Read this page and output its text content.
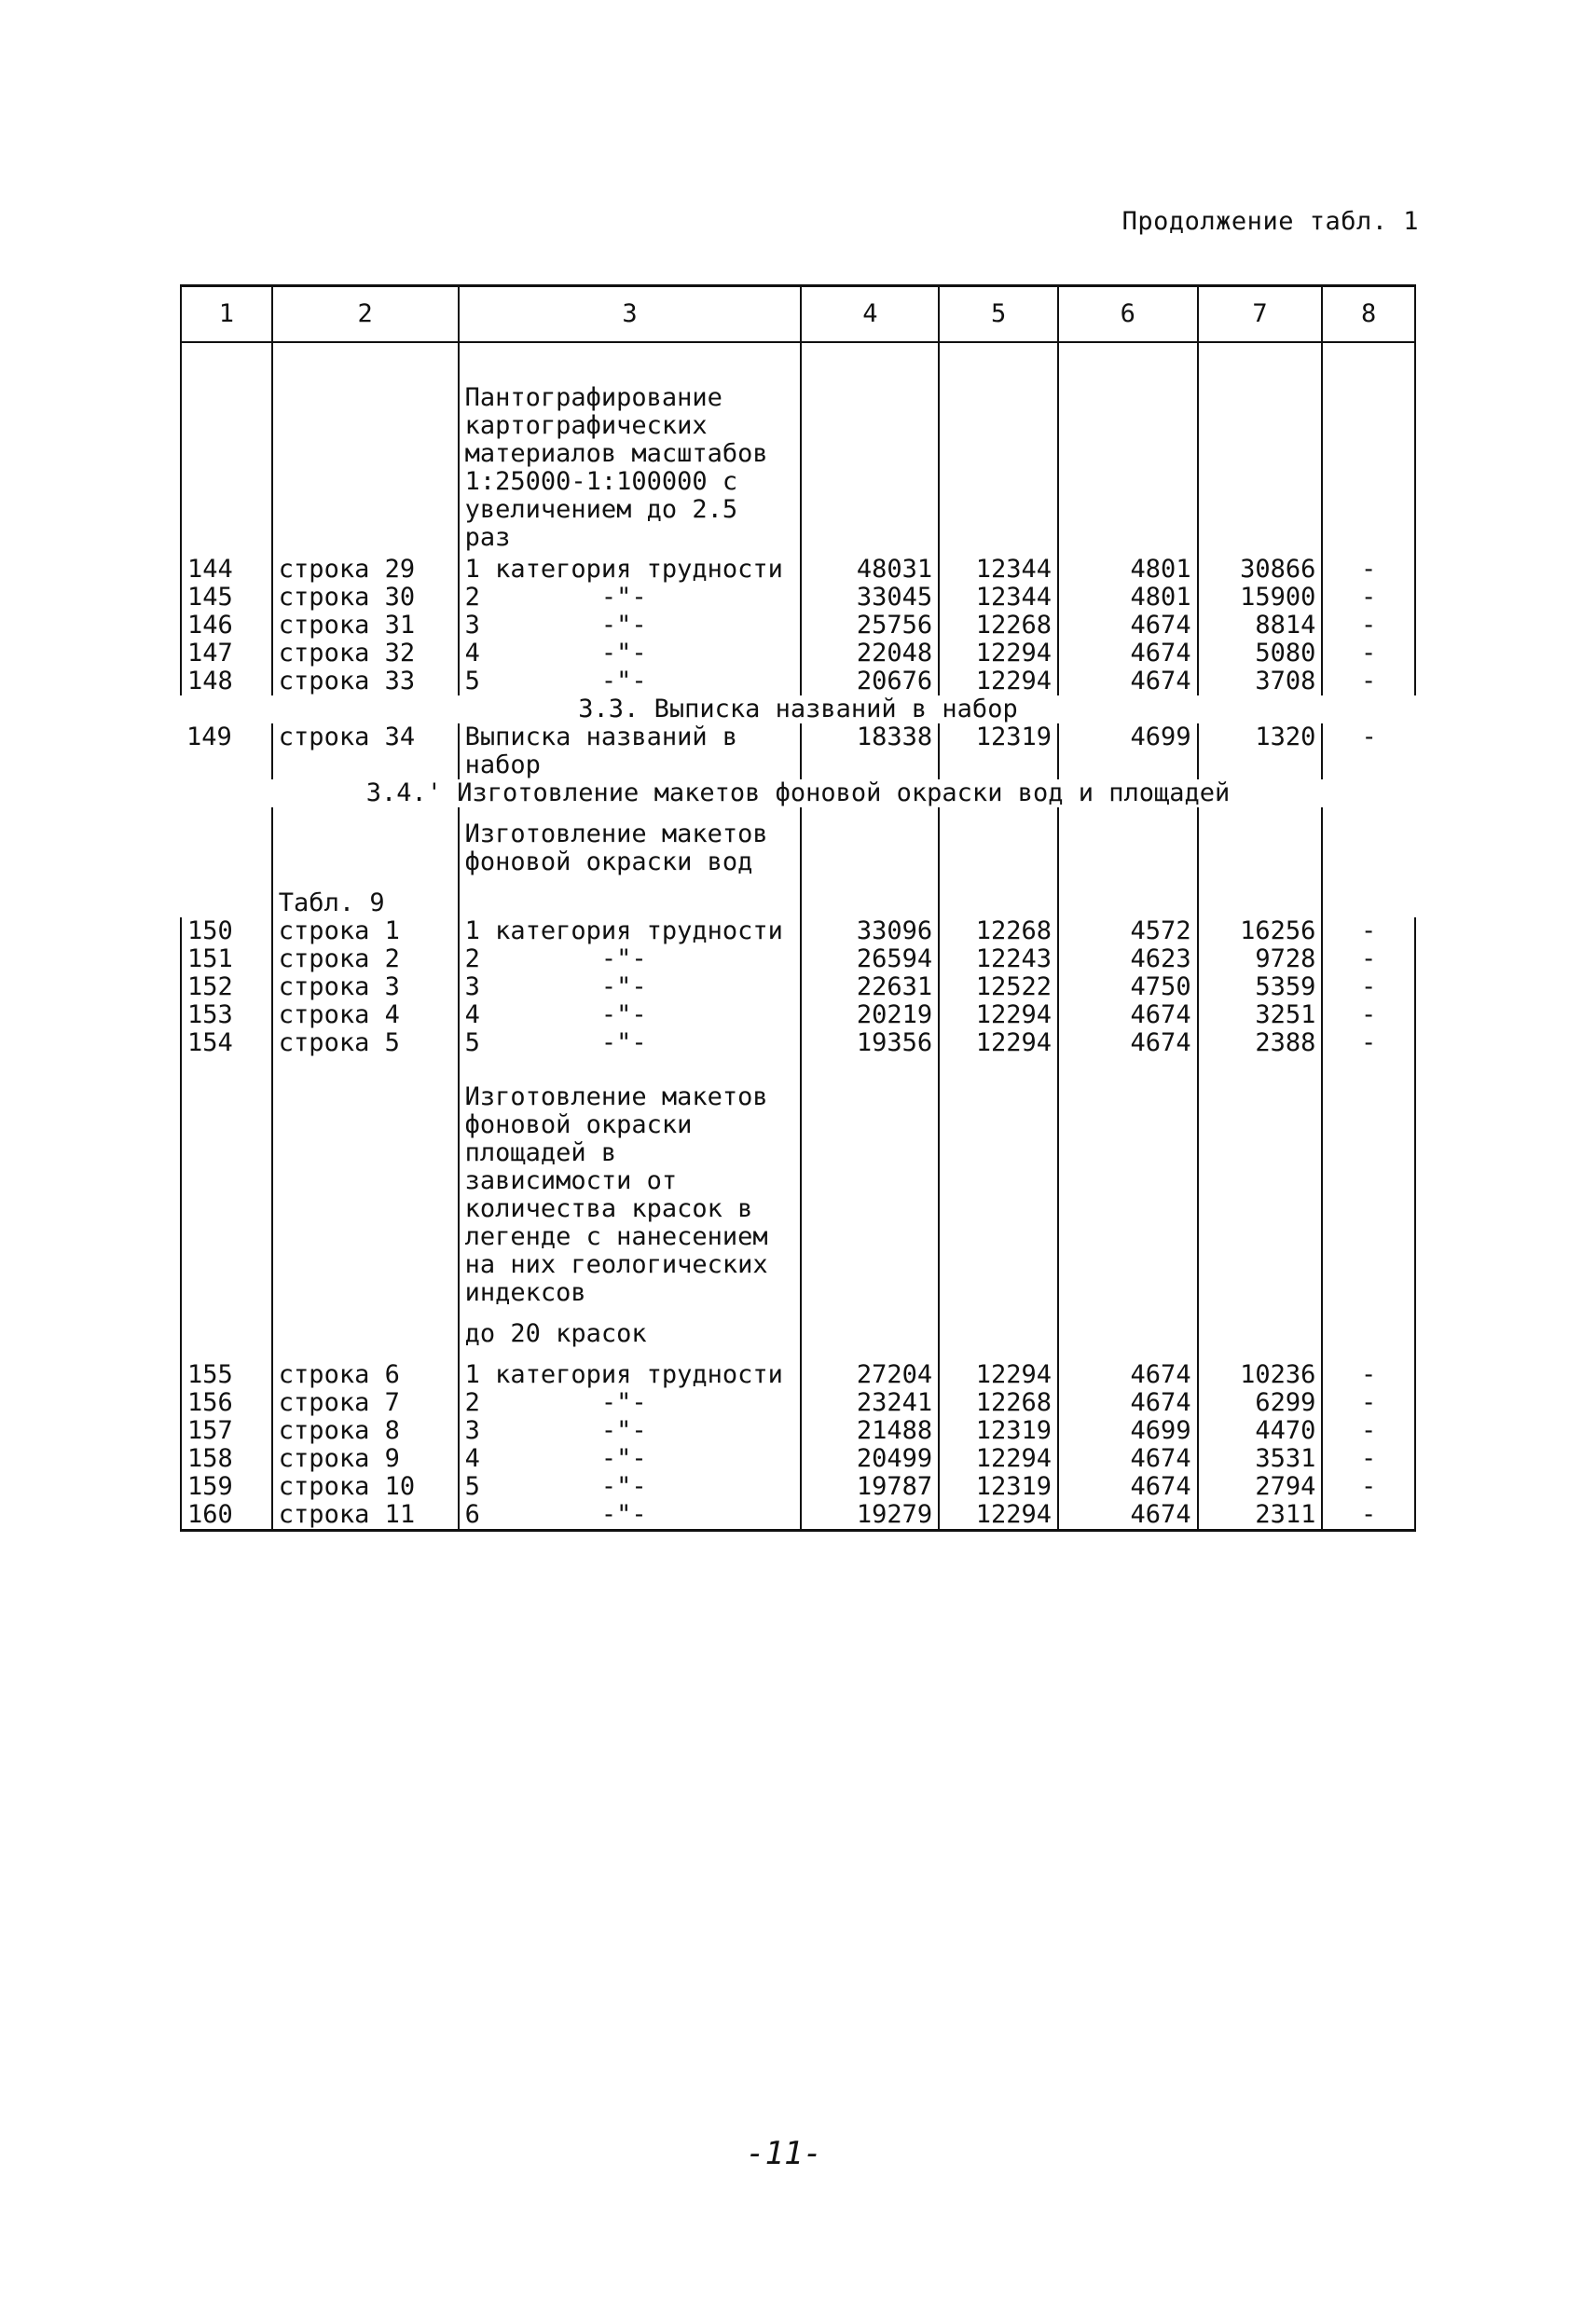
Продолжение табл. 1
1	2	3	4	5	6	7	8
		Пантографирование картографических материалов масштабов 1:25000-1:100000 с увеличением до 2.5 раз					
144	строка 29	1 категория трудности	48031	12344	4801	30866	-
145	строка 30	2        -"-	33045	12344	4801	15900	-
146	строка 31	3        -"-	25756	12268	4674	8814	-
147	строка 32	4        -"-	22048	12294	4674	5080	-
148	строка 33	5        -"-	20676	12294	4674	3708	-
3.3. Выписка названий в набор							
149	строка 34	Выписка названий в набор	18338	12319	4699	1320	-
3.4.' Изготовление макетов фоновой окраски вод и площадей							
		Изготовление макетов фоновой окраски вод					
	Табл. 9						
150	строка 1	1 категория трудности	33096	12268	4572	16256	-
151	строка 2	2        -"-	26594	12243	4623	9728	-
152	строка 3	3        -"-	22631	12522	4750	5359	-
153	строка 4	4        -"-	20219	12294	4674	3251	-
154	строка 5	5        -"-	19356	12294	4674	2388	-
		Изготовление макетов фоновой окраски площадей в зависимости от количества красок в легенде с нанесением на них геологических индексов					
		до 20 красок					
155	строка 6	1 категория трудности	27204	12294	4674	10236	-
156	строка 7	2        -"-	23241	12268	4674	6299	-
157	строка 8	3        -"-	21488	12319	4699	4470	-
158	строка 9	4        -"-	20499	12294	4674	3531	-
159	строка 10	5        -"-	19787	12319	4674	2794	-
160	строка 11	6        -"-	19279	12294	4674	2311	-
-11-
